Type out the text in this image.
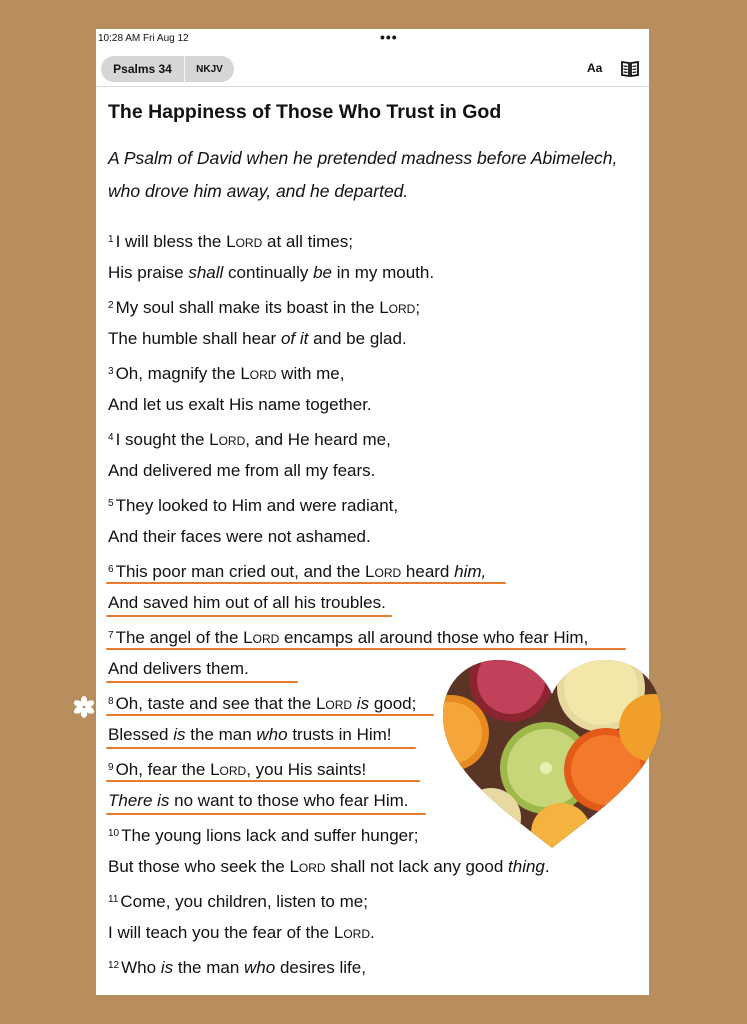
10:28 AM Fri Aug 12	•••
Psalms 34	NKJV	Aa
The Happiness of Those Who Trust in God
A Psalm of David when he pretended madness before Abimelech,
who drove him away, and he departed.
$^1$ I will bless the Lord at all times;
His praise shall continually be in my mouth.
$^2$ My soul shall make its boast in the Lord;
The humble shall hear of it and be glad.
$^3$ Oh, magnify the Lord with me,
And let us exalt His name together.
$^4$ I sought the Lord, and He heard me,
And delivered me from all my fears.
$^5$ They looked to Him and were radiant,
And their faces were not ashamed.
$^6$ This poor man cried out, and the Lord heard him,
And saved him out of all his troubles.
$^7$ The angel of the Lord encamps all around those who fear Him,
And delivers them.
$^8$ Oh, taste and see that the Lord is good;
Blessed is the man who trusts in Him!
$^9$ Oh, fear the Lord, you His saints!
There is no want to those who fear Him.
$^{10}$ The young lions lack and suffer hunger;
But those who seek the Lord shall not lack any good thing.
$^{11}$ Come, you children, listen to me;
I will teach you the fear of the Lord.
$^{12}$ Who is the man who desires life,
